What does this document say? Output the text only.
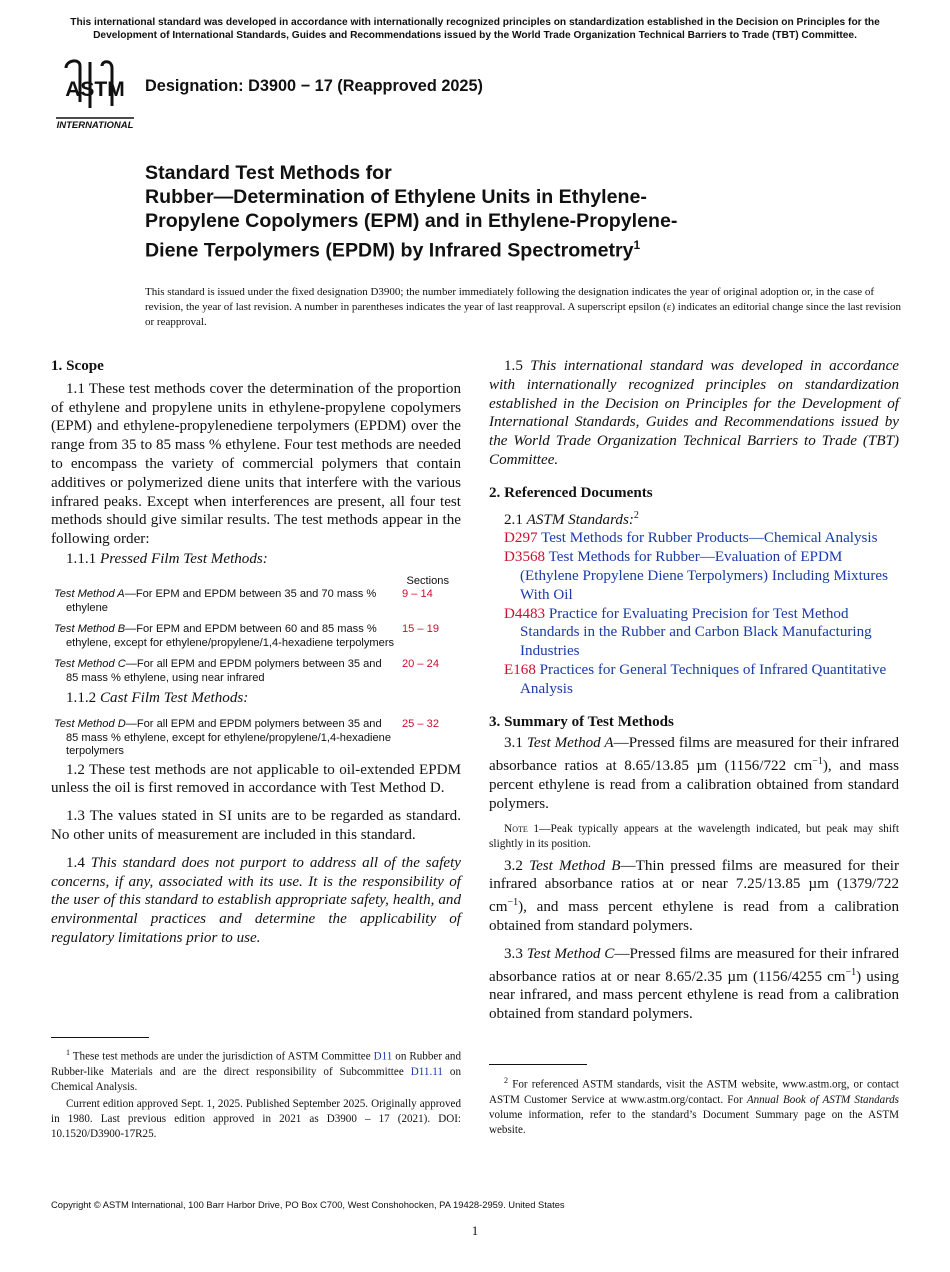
This international standard was developed in accordance with internationally recognized principles on standardization established in the Decision on Principles for the Development of International Standards, Guides and Recommendations issued by the World Trade Organization Technical Barriers to Trade (TBT) Committee.
ASTM
INTERNATIONAL
Designation: D3900 − 17 (Reapproved 2025)
Standard Test Methods for
Rubber—Determination of Ethylene Units in Ethylene-
Propylene Copolymers (EPM) and in Ethylene-Propylene-
Diene Terpolymers (EPDM) by Infrared Spectrometry$^1$
This standard is issued under the fixed designation D3900; the number immediately following the designation indicates the year of original adoption or, in the case of revision, the year of last revision. A number in parentheses indicates the year of last reapproval. A superscript epsilon (ε) indicates an editorial change since the last revision or reapproval.
1. Scope

1.1 These test methods cover the determination of the proportion of ethylene and propylene units in ethylene-propylene copolymers (EPM) and ethylene-propylenediene terpolymers (EPDM) over the range from 35 to 85 mass % ethylene. Four test methods are needed to encompass the variety of commercial polymers that contain additives or polymerized diene units that interfere with the various infrared peaks. Except when interferences are present, all four test methods should give similar results. The test methods appear in the following order:

1.1.1 Pressed Film Test Methods:

Sections
Test Method A—For EPM and EPDM between 35 and 70 mass % ethylene
9 – 14
Test Method B—For EPM and EPDM between 60 and 85 mass % ethylene, except for ethylene/propylene/1,4-hexadiene terpolymers
15 – 19
Test Method C—For all EPM and EPDM polymers between 35 and 85 mass % ethylene, using near infrared
20 – 24

1.1.2 Cast Film Test Methods:

Test Method D—For all EPM and EPDM polymers between 35 and 85 mass % ethylene, except for ethylene/propylene/1,4-hexadiene terpolymers
25 – 32

1.2 These test methods are not applicable to oil-extended EPDM unless the oil is first removed in accordance with Test Method D.

1.3 The values stated in SI units are to be regarded as standard. No other units of measurement are included in this standard.

1.4 This standard does not purport to address all of the safety concerns, if any, associated with its use. It is the responsibility of the user of this standard to establish appropriate safety, health, and environmental practices and determine the applicability of regulatory limitations prior to use.

1.5 This international standard was developed in accordance with internationally recognized principles on standardization established in the Decision on Principles for the Development of International Standards, Guides and Recommendations issued by the World Trade Organization Technical Barriers to Trade (TBT) Committee.

2. Referenced Documents

2.1 ASTM Standards:$^2$

D297 Test Methods for Rubber Products—Chemical Analysis

D3568 Test Methods for Rubber—Evaluation of EPDM (Ethylene Propylene Diene Terpolymers) Including Mixtures With Oil

D4483 Practice for Evaluating Precision for Test Method Standards in the Rubber and Carbon Black Manufacturing Industries

E168 Practices for General Techniques of Infrared Quantitative Analysis

3. Summary of Test Methods

3.1 Test Method A—Pressed films are measured for their infrared absorbance ratios at 8.65/13.85 µm (1156/722 $cm^{-1}$), and mass percent ethylene is read from a calibration obtained from standard polymers.

Note 1—Peak typically appears at the wavelength indicated, but peak may shift slightly in its position.

3.2 Test Method B—Thin pressed films are measured for their infrared absorbance ratios at or near 7.25/13.85 µm (1379/722 $cm^{-1}$), and mass percent ethylene is read from a calibration obtained from standard polymers.

3.3 Test Method C—Pressed films are measured for their infrared absorbance ratios at or near 8.65/2.35 µm (1156/4255 $cm^{-1}$) using near infrared, and mass percent ethylene is read from a calibration obtained from standard polymers.

$^1$ These test methods are under the jurisdiction of ASTM Committee D11 on Rubber and Rubber-like Materials and are the direct responsibility of Subcommittee D11.11 on Chemical Analysis.
Current edition approved Sept. 1, 2025. Published September 2025. Originally approved in 1980. Last previous edition approved in 2021 as D3900 – 17 (2021). DOI: 10.1520/D3900-17R25.
$^2$ For referenced ASTM standards, visit the ASTM website, www.astm.org, or contact ASTM Customer Service at www.astm.org/contact. For Annual Book of ASTM Standards volume information, refer to the standard’s Document Summary page on the ASTM website.
Copyright © ASTM International, 100 Barr Harbor Drive, PO Box C700, West Conshohocken, PA 19428-2959. United States
1
